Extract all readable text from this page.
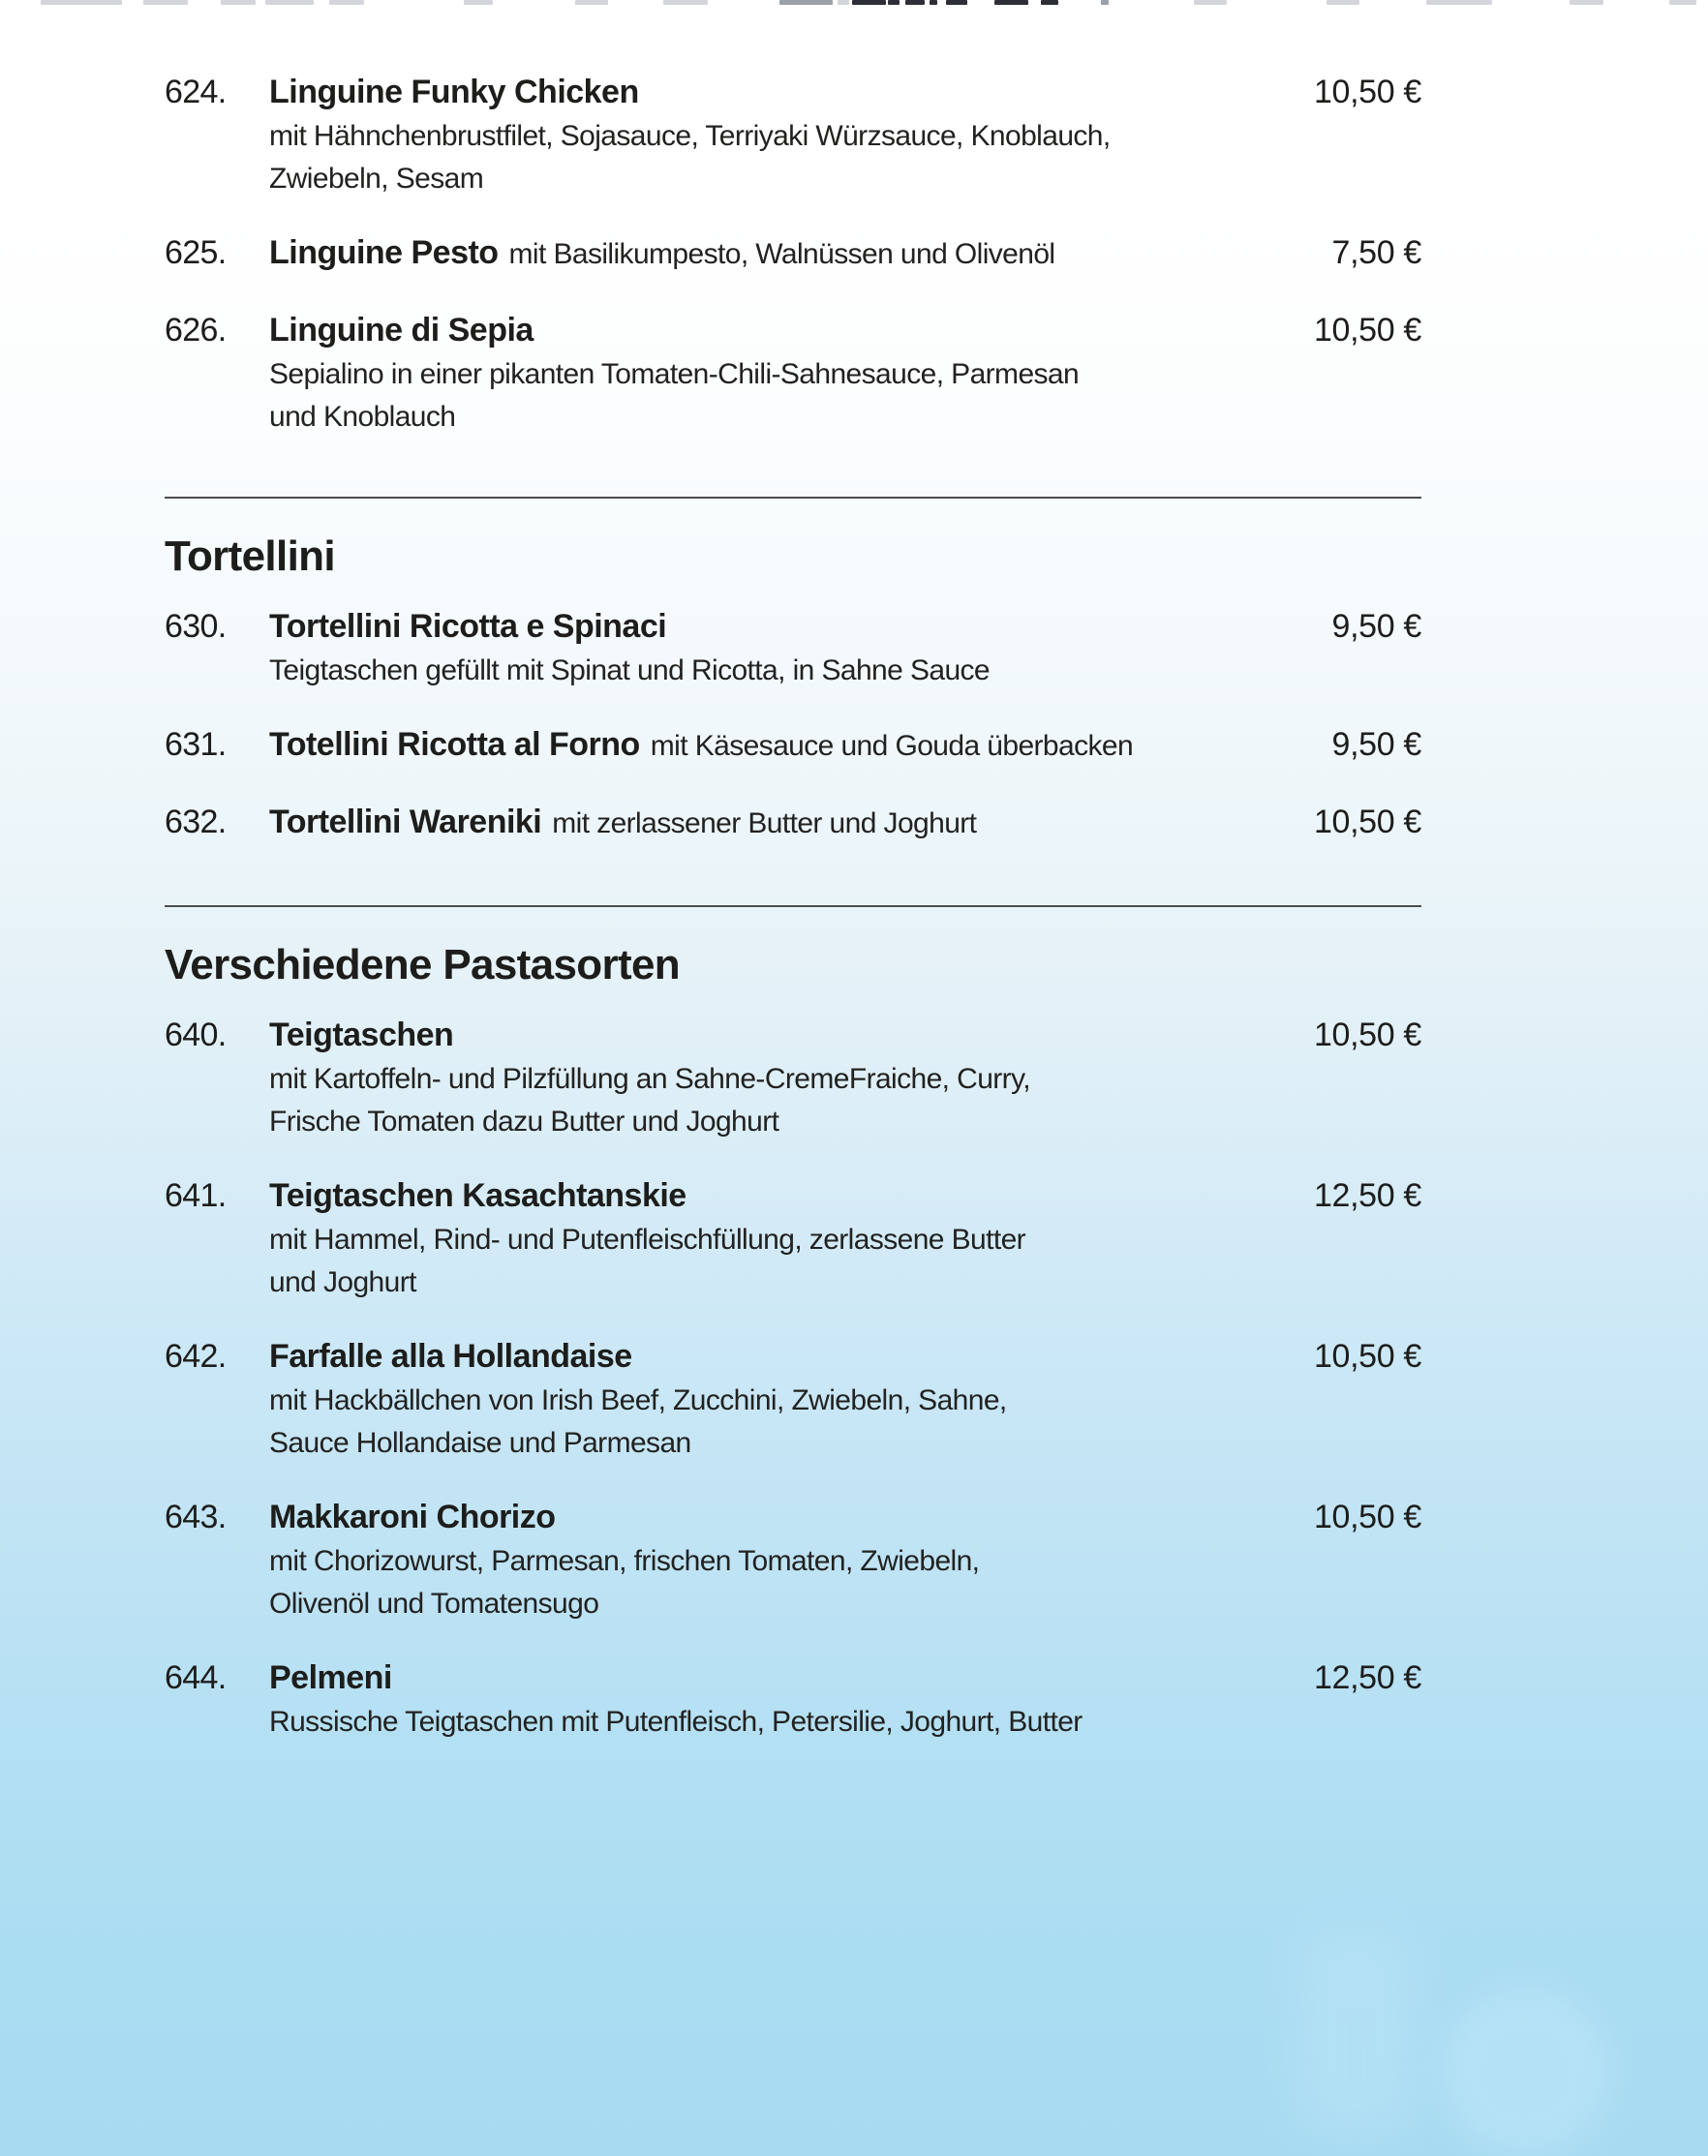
624.	Linguine Funky Chicken
mit Hähnchenbrustfilet, Sojasauce, Terriyaki Würzsauce, Knoblauch,
Zwiebeln, Sesam
10,50 €
625.	Linguine Pesto mit Basilikumpesto, Walnüssen und Olivenöl	7,50 €
626.	Linguine di Sepia
Sepialino in einer pikanten Tomaten-Chili-Sahnesauce, Parmesan
und Knoblauch
10,50 €
Tortellini
630.	Tortellini Ricotta e Spinaci
Teigtaschen gefüllt mit Spinat und Ricotta, in Sahne Sauce
9,50 €
631.	Totellini Ricotta al Forno mit Käsesauce und Gouda überbacken	9,50 €
632.	Tortellini Wareniki mit zerlassener Butter und Joghurt	10,50 €
Verschiedene Pastasorten
640.	Teigtaschen
mit Kartoffeln- und Pilzfüllung an Sahne-CremeFraiche, Curry,
Frische Tomaten dazu Butter und Joghurt
10,50 €
641.	Teigtaschen Kasachtanskie
mit Hammel, Rind- und Putenfleischfüllung, zerlassene Butter
und Joghurt
12,50 €
642.	Farfalle alla Hollandaise
mit Hackbällchen von Irish Beef, Zucchini, Zwiebeln, Sahne,
Sauce Hollandaise und Parmesan
10,50 €
643.	Makkaroni Chorizo
mit Chorizowurst, Parmesan, frischen Tomaten, Zwiebeln,
Olivenöl und Tomatensugo
10,50 €
644.	Pelmeni
Russische Teigtaschen mit Putenfleisch, Petersilie, Joghurt, Butter
12,50 €
